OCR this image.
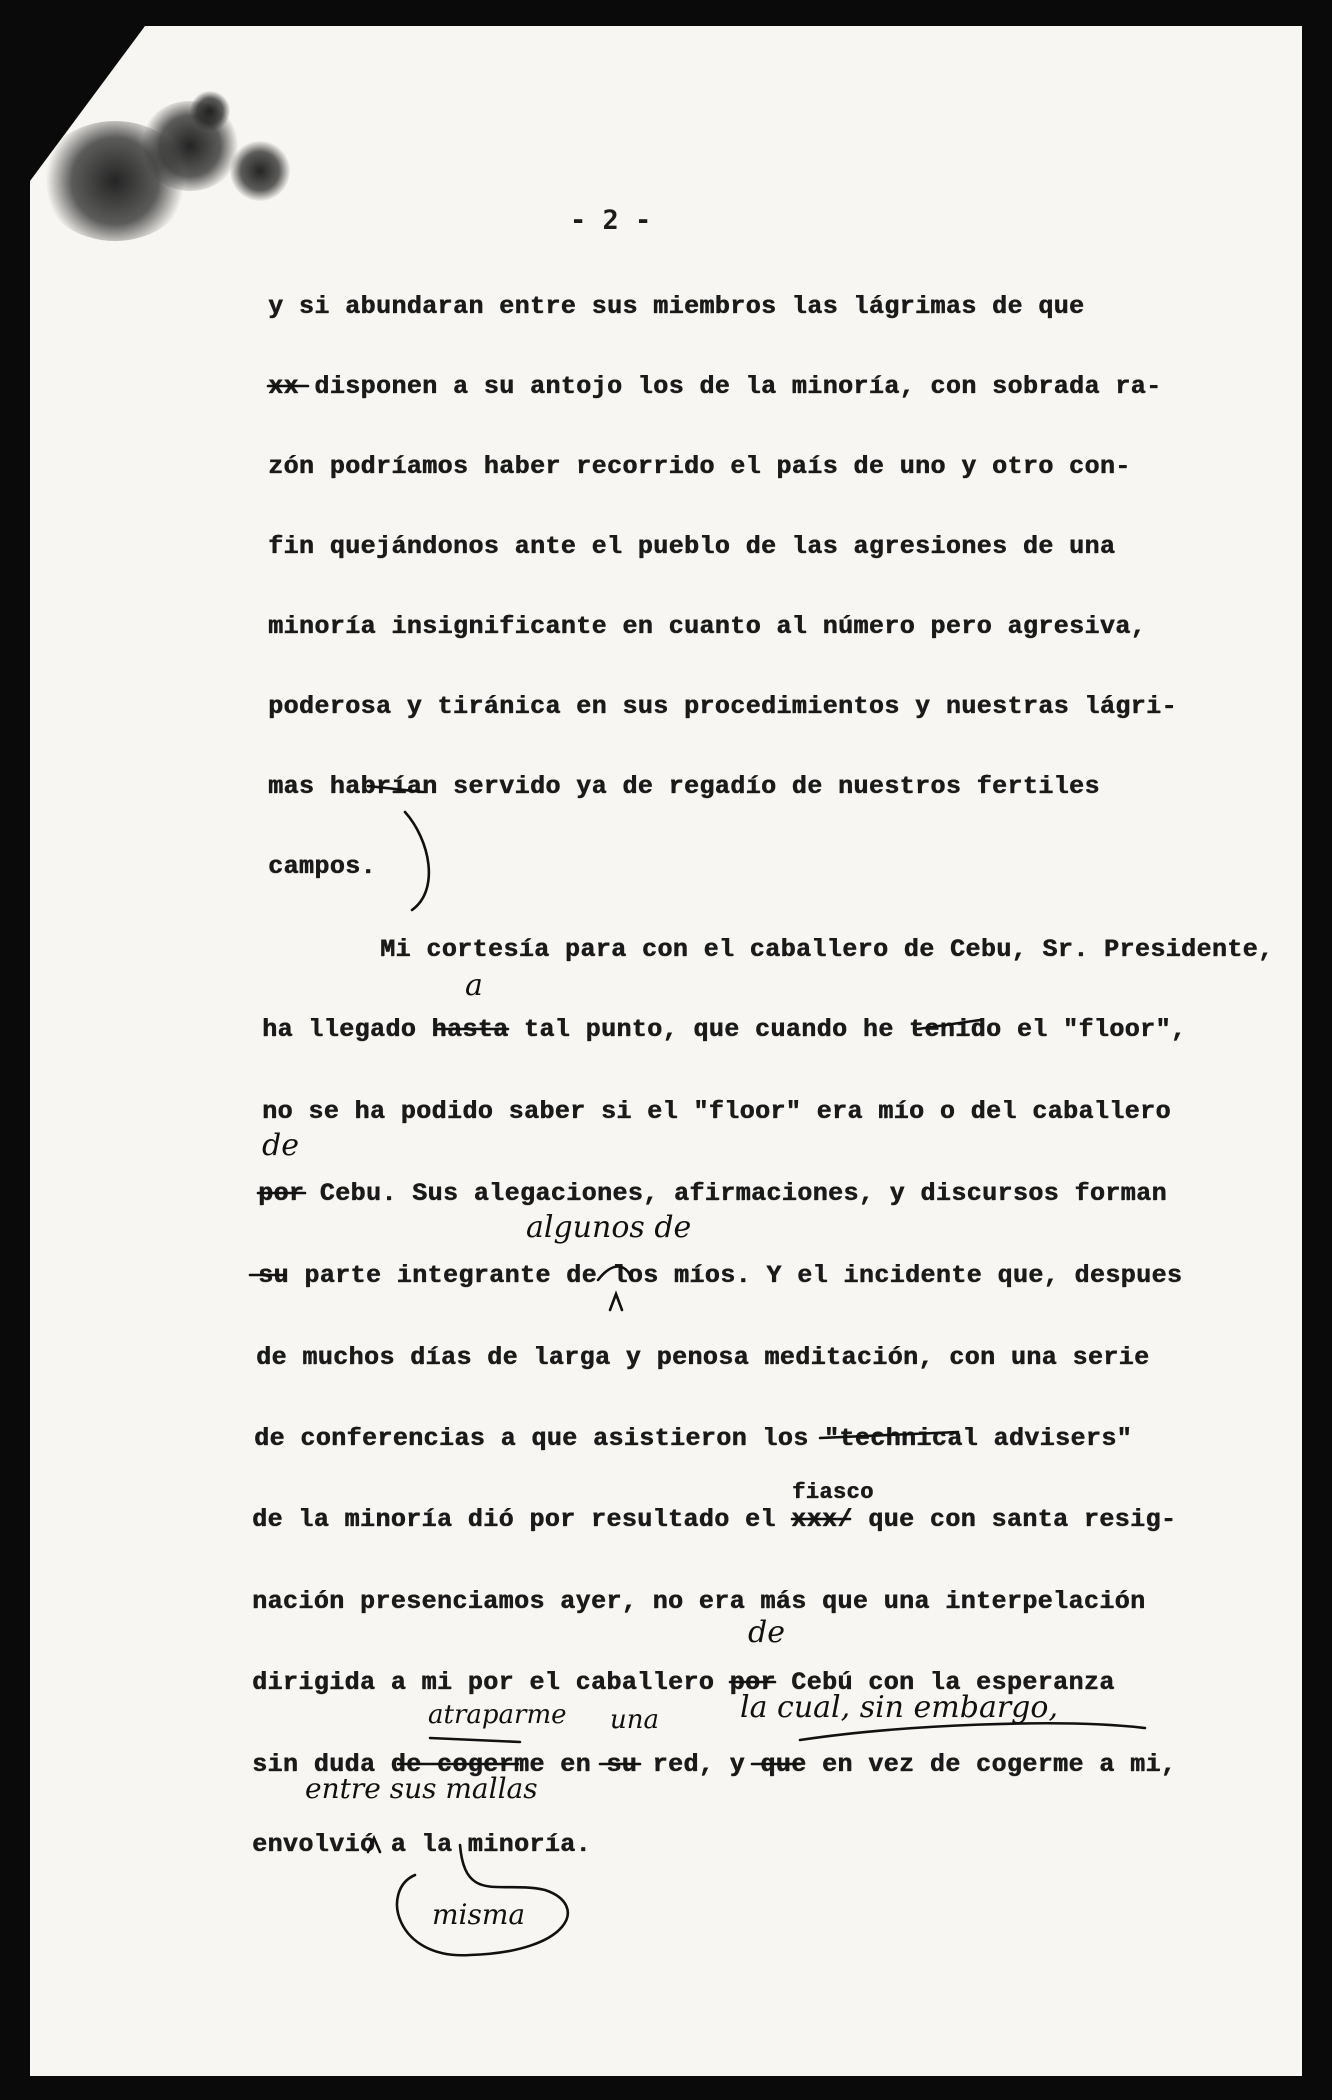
- 2 -
y si abundaran entre sus miembros las lágrimas de que
xx disponen a su antojo los de la minoría, con sobrada ra-
zón podríamos haber recorrido el país de uno y otro con-
fin quejándonos ante el pueblo de las agresiones de una
minoría insignificante en cuanto al número pero agresiva,
poderosa y tiránica en sus procedimientos y nuestras lágri-
mas habrían servido ya de regadío de nuestros fertiles
campos.
Mi cortesía para con el caballero de Cebu, Sr. Presidente,
ha llegado hasta tal punto, que cuando he tenido el "floor",
no se ha podido saber si el "floor" era mío o del caballero
por Cebu. Sus alegaciones, afirmaciones, y discursos forman
su parte integrante de los míos. Y el incidente que, despues
de muchos días de larga y penosa meditación, con una serie
de conferencias a que asistieron los "technical advisers"
de la minoría dió por resultado el xxx/ que con santa resig-
nación presenciamos ayer, no era más que una interpelación
dirigida a mi por el caballero por Cebú con la esperanza
sin duda de cogerme en su red, y que en vez de cogerme a mi,
envolvió a la minoría.
fiasco
a
de
algunos de
de
atraparme una	la cual, sin embargo,
entre sus mallas
misma
